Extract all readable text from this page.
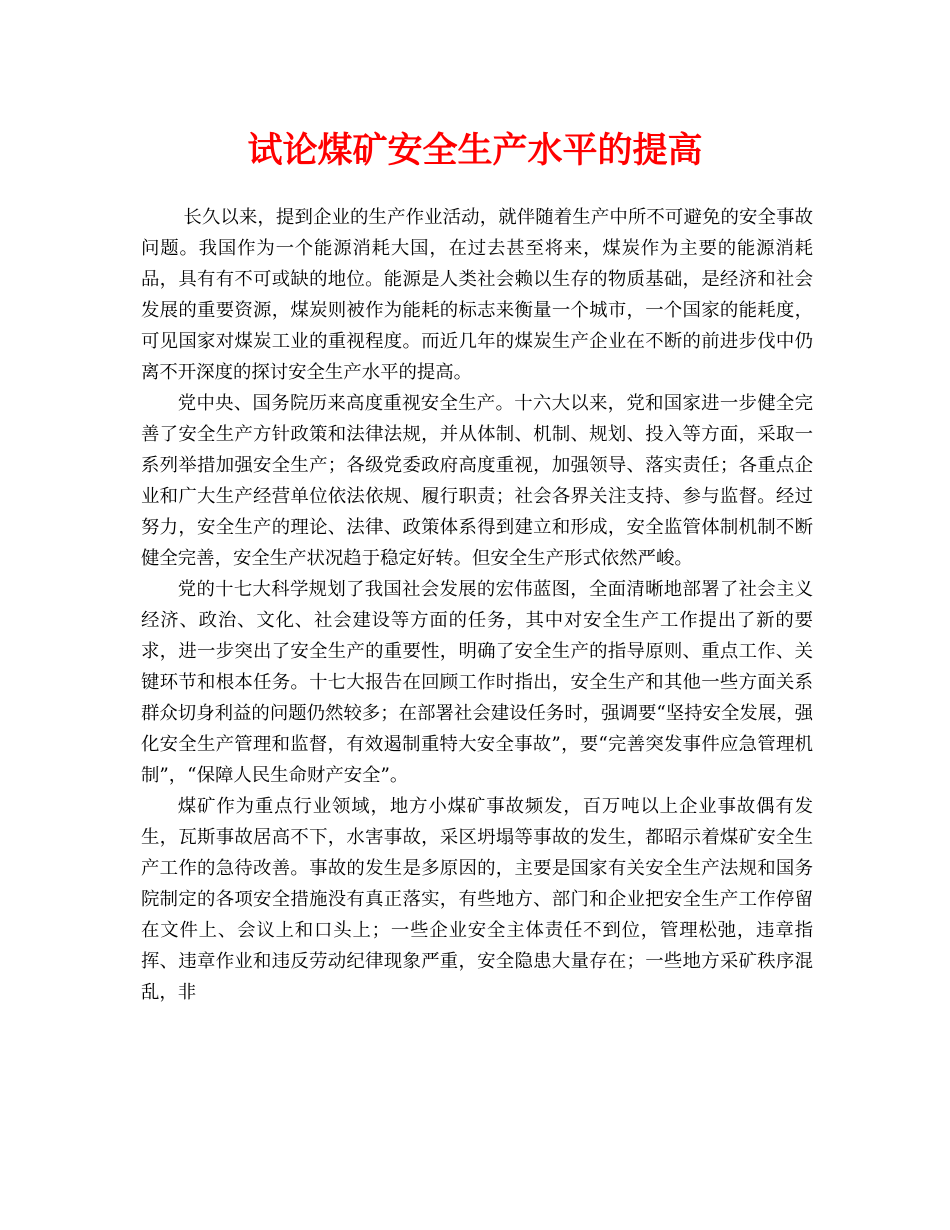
试论煤矿安全生产水平的提高

长久以来，提到企业的生产作业活动，就伴随着生产中所不可避免的安全事故问题。我国作为一个能源消耗大国，在过去甚至将来，煤炭作为主要的能源消耗品，具有有不可或缺的地位。能源是人类社会赖以生存的物质基础，是经济和社会发展的重要资源，煤炭则被作为能耗的标志来衡量一个城市，一个国家的能耗度，可见国家对煤炭工业的重视程度。而近几年的煤炭生产企业在不断的前进步伐中仍离不开深度的探讨安全生产水平的提高。

党中央、国务院历来高度重视安全生产。十六大以来，党和国家进一步健全完善了安全生产方针政策和法律法规，并从体制、机制、规划、投入等方面，采取一系列举措加强安全生产；各级党委政府高度重视，加强领导、落实责任；各重点企业和广大生产经营单位依法依规、履行职责；社会各界关注支持、参与监督。经过努力，安全生产的理论、法律、政策体系得到建立和形成，安全监管体制机制不断健全完善，安全生产状况趋于稳定好转。但安全生产形式依然严峻。

党的十七大科学规划了我国社会发展的宏伟蓝图，全面清晰地部署了社会主义经济、政治、文化、社会建设等方面的任务，其中对安全生产工作提出了新的要求，进一步突出了安全生产的重要性，明确了安全生产的指导原则、重点工作、关键环节和根本任务。十七大报告在回顾工作时指出，安全生产和其他一些方面关系群众切身利益的问题仍然较多；在部署社会建设任务时，强调要“坚持安全发展，强化安全生产管理和监督，有效遏制重特大安全事故”，要“完善突发事件应急管理机制”，“保障人民生命财产安全”。

煤矿作为重点行业领域，地方小煤矿事故频发，百万吨以上企业事故偶有发生，瓦斯事故居高不下，水害事故，采区坍塌等事故的发生，都昭示着煤矿安全生产工作的急待改善。事故的发生是多原因的，主要是国家有关安全生产法规和国务院制定的各项安全措施没有真正落实，有些地方、部门和企业把安全生产工作停留在文件上、会议上和口头上；一些企业安全主体责任不到位，管理松弛，违章指挥、违章作业和违反劳动纪律现象严重，安全隐患大量存在；一些地方采矿秩序混乱，非
